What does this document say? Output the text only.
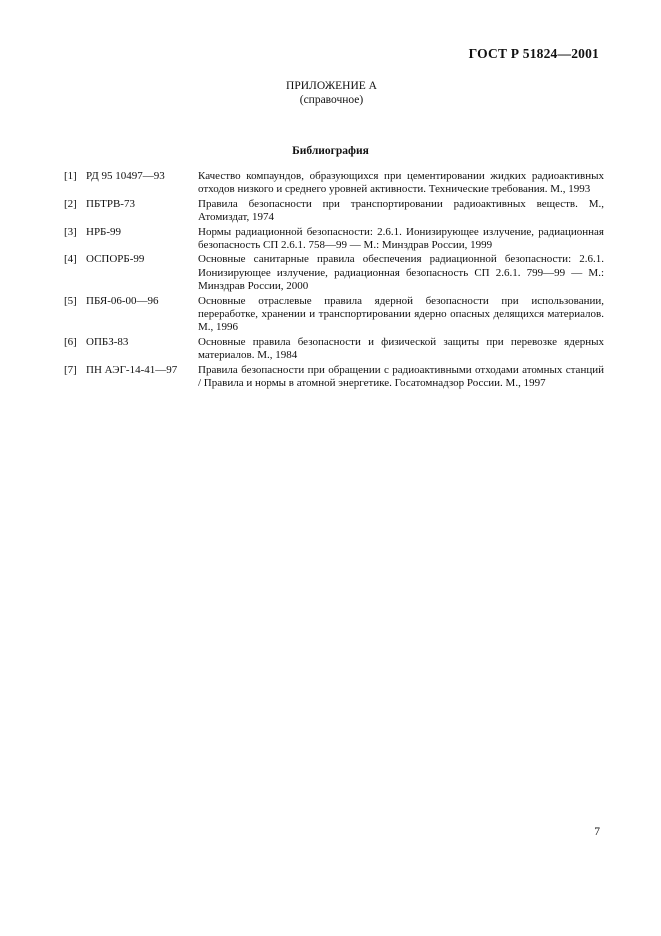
ГОСТ Р 51824—2001
ПРИЛОЖЕНИЕ А
(справочное)
Библиография
[1] РД 95 10497—93	Качество компаундов, образующихся при цементировании жидких радиоактивных отходов низкого и среднего уровней активности. Технические требования. М., 1993
[2] ПБТРВ-73	Правила безопасности при транспортировании радиоактивных веществ. М., Атомиздат, 1974
[3] НРБ-99	Нормы радиационной безопасности: 2.6.1. Ионизирующее излучение, радиационная безопасность СП 2.6.1. 758—99 — М.: Минздрав России, 1999
[4] ОСПОРБ-99	Основные санитарные правила обеспечения радиационной безопасности: 2.6.1. Ионизирующее излучение, радиационная безопасность СП 2.6.1. 799—99 — М.: Минздрав России, 2000
[5] ПБЯ-06-00—96	Основные отраслевые правила ядерной безопасности при использовании, переработке, хранении и транспортировании ядерно опасных делящихся материалов. М., 1996
[6] ОПБЗ-83	Основные правила безопасности и физической защиты при перевозке ядерных материалов. М., 1984
[7] ПН АЭГ-14-41—97	Правила безопасности при обращении с радиоактивными отходами атомных станций / Правила и нормы в атомной энергетике. Госатомнадзор России. М., 1997
7
